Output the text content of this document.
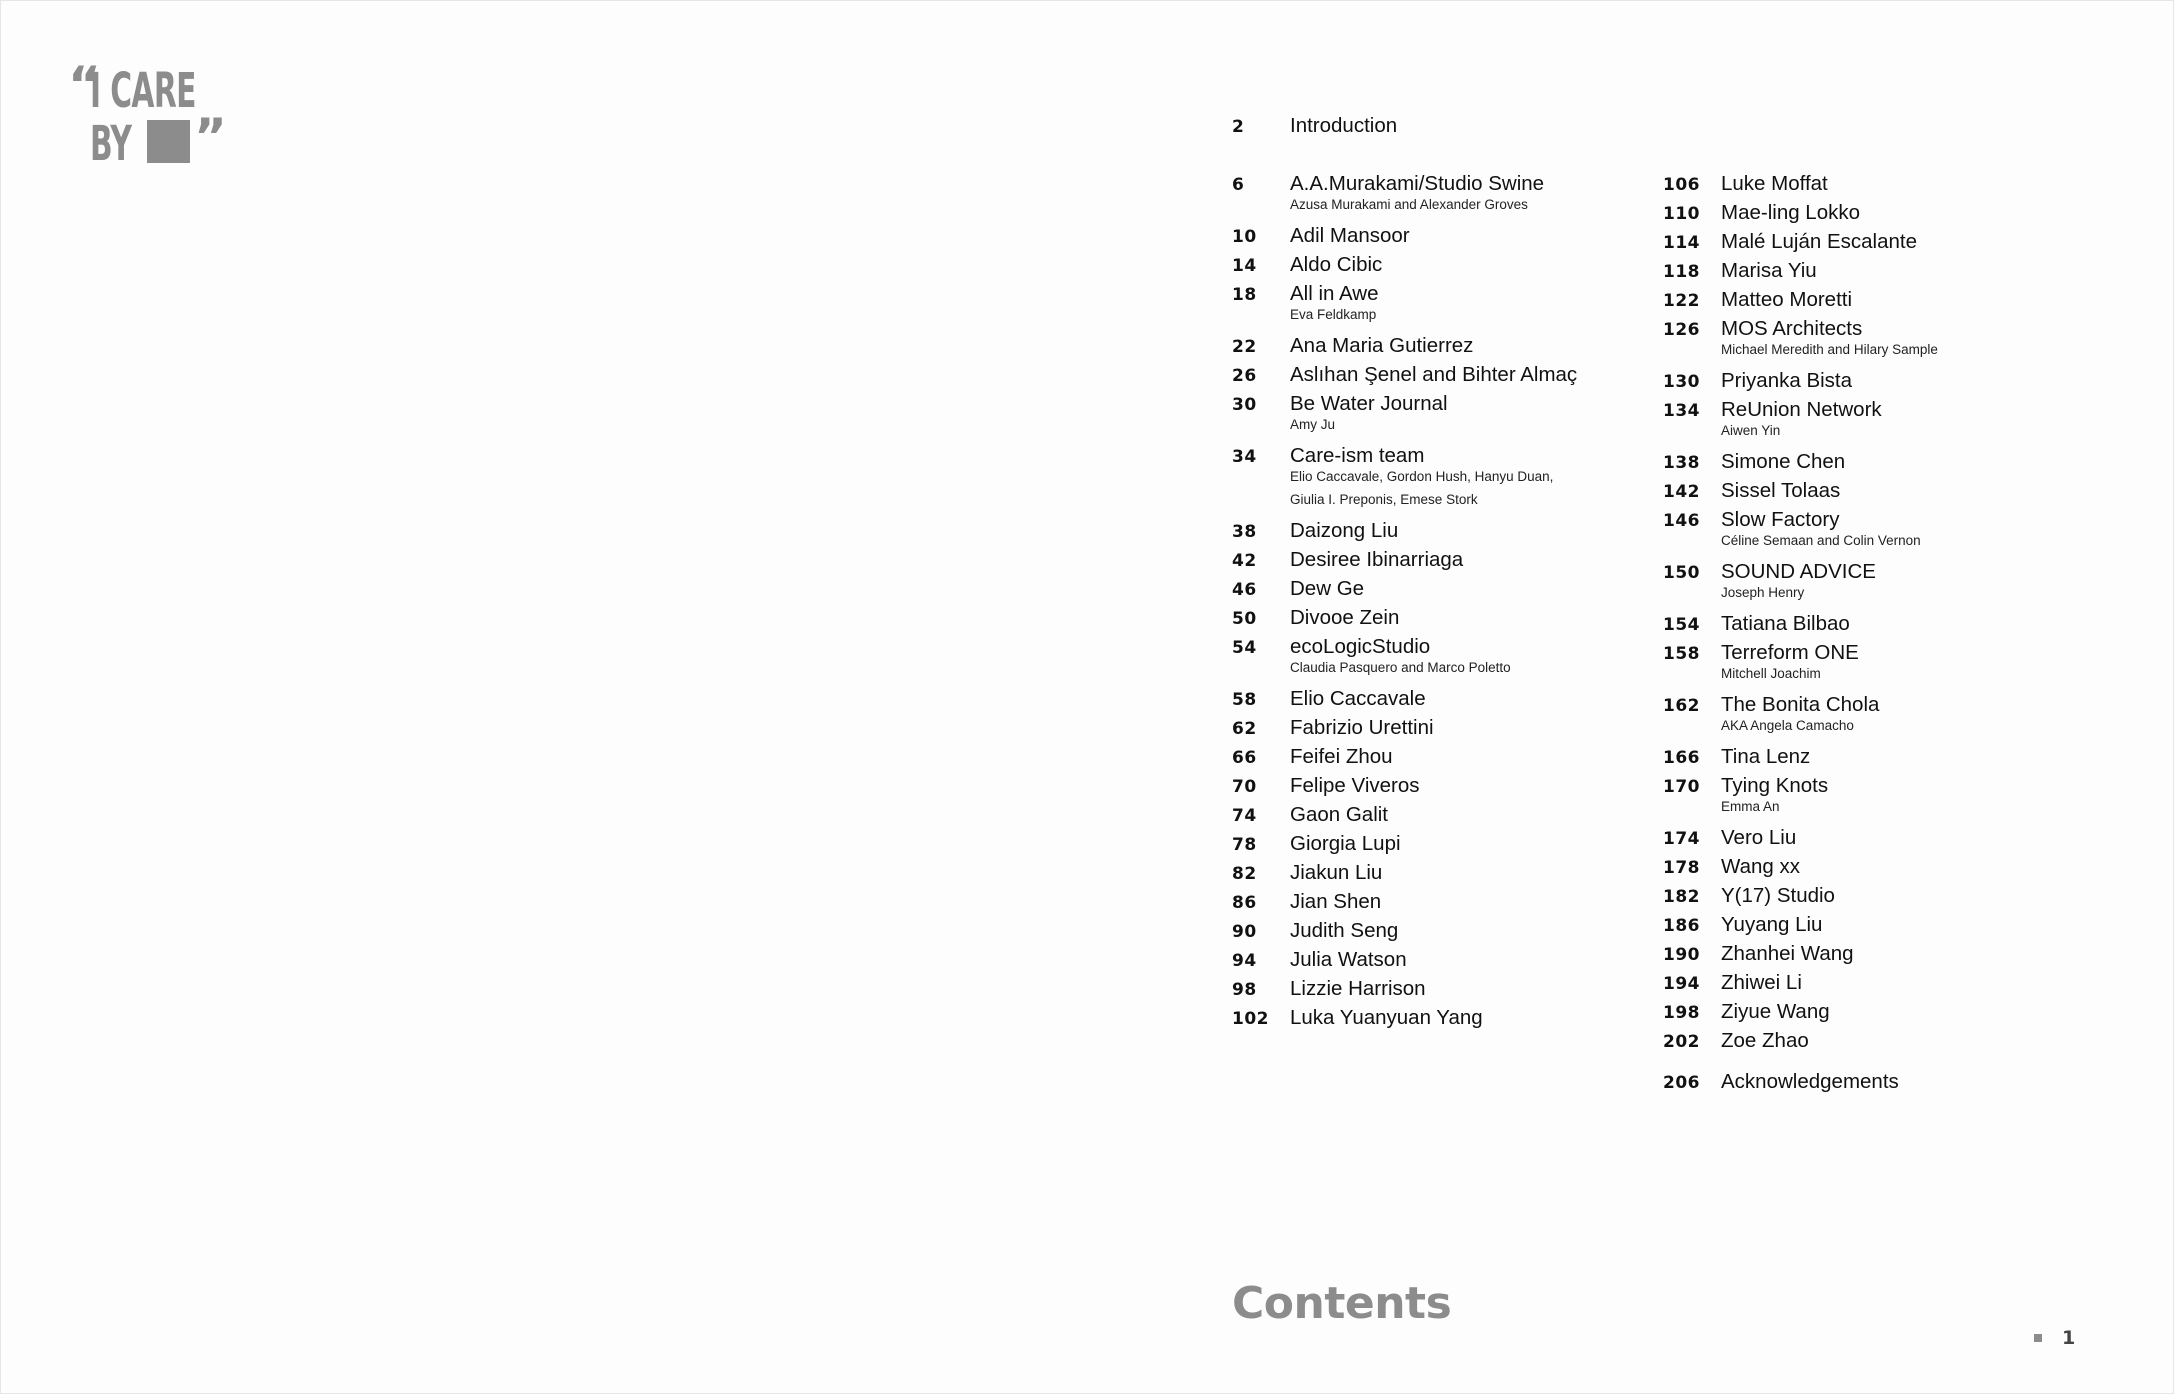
“
I CARE
BY ”	2	Introduction
6	A.A.Murakami/Studio Swine
Azusa Murakami and Alexander Groves
10	Adil Mansoor
14	Aldo Cibic
18	All in Awe
Eva Feldkamp
22	Ana Maria Gutierrez
26	Aslıhan Şenel and Bihter Almaç
30	Be Water Journal
Amy Ju
34	Care-ism team
Elio Caccavale, Gordon Hush, Hanyu Duan,
Giulia I. Preponis, Emese Stork
38	Daizong Liu
42	Desiree Ibinarriaga
46	Dew Ge
50	Divooe Zein
54	ecoLogicStudio
Claudia Pasquero and Marco Poletto
58	Elio Caccavale
62	Fabrizio Urettini
66	Feifei Zhou
70	Felipe Viveros
74	Gaon Galit
78	Giorgia Lupi
82	Jiakun Liu
86	Jian Shen
90	Judith Seng
94	Julia Watson
98	Lizzie Harrison
102	Luka Yuanyuan Yang
106	Luke Moffat
110	Mae-ling Lokko
114	Malé Luján Escalante
118	Marisa Yiu
122	Matteo Moretti
126	MOS Architects
Michael Meredith and Hilary Sample
130	Priyanka Bista
134	ReUnion Network
Aiwen Yin
138	Simone Chen
142	Sissel Tolaas
146	Slow Factory
Céline Semaan and Colin Vernon
150	SOUND ADVICE
Joseph Henry
154	Tatiana Bilbao
158	Terreform ONE
Mitchell Joachim
162	The Bonita Chola
AKA Angela Camacho
166	Tina Lenz
170	Tying Knots
Emma An
174	Vero Liu
178	Wang xx
182	Y(17) Studio
186	Yuyang Liu
190	Zhanhei Wang
194	Zhiwei Li
198	Ziyue Wang
202	Zoe Zhao
206	Acknowledgements
Contents
1
